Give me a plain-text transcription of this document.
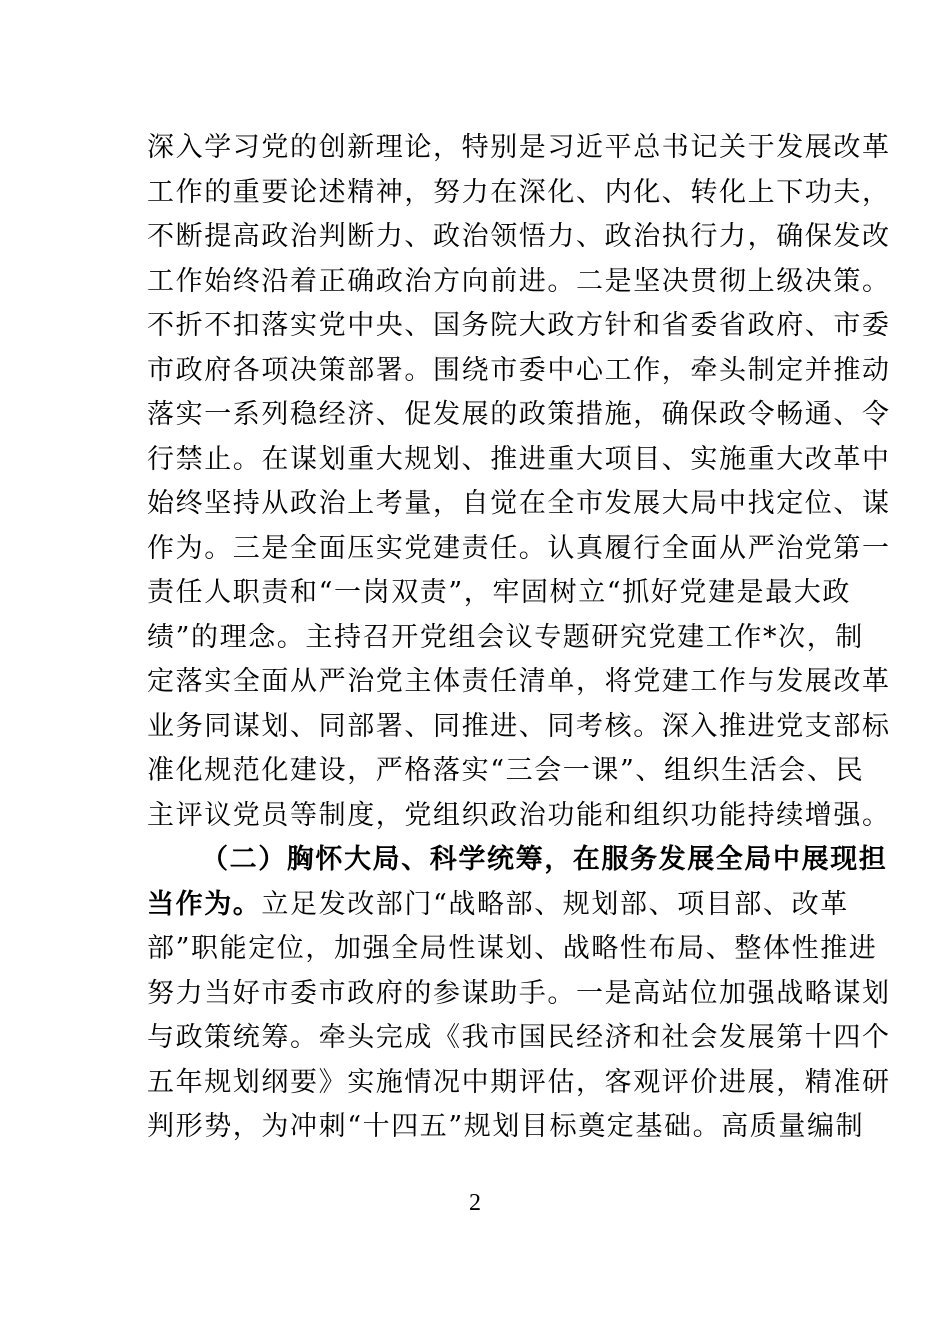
深入学习党的创新理论，特别是习近平总书记关于发展改革
工作的重要论述精神，努力在深化、内化、转化上下功夫，
不断提高政治判断力、政治领悟力、政治执行力，确保发改
工作始终沿着正确政治方向前进。二是坚决贯彻上级决策。
不折不扣落实党中央、国务院大政方针和省委省政府、市委
市政府各项决策部署。围绕市委中心工作，牵头制定并推动
落实一系列稳经济、促发展的政策措施，确保政令畅通、令
行禁止。在谋划重大规划、推进重大项目、实施重大改革中
始终坚持从政治上考量，自觉在全市发展大局中找定位、谋
作为。三是全面压实党建责任。认真履行全面从严治党第一
责任人职责和“一岗双责”，牢固树立“抓好党建是最大政
绩”的理念。主持召开党组会议专题研究党建工作*次，制
定落实全面从严治党主体责任清单，将党建工作与发展改革
业务同谋划、同部署、同推进、同考核。深入推进党支部标
准化规范化建设，严格落实“三会一课”、组织生活会、民
主评议党员等制度，党组织政治功能和组织功能持续增强。
（二）胸怀大局、科学统筹，在服务发展全局中展现担
当作为。立足发改部门“战略部、规划部、项目部、改革
部”职能定位，加强全局性谋划、战略性布局、整体性推进
努力当好市委市政府的参谋助手。一是高站位加强战略谋划
与政策统筹。牵头完成《我市国民经济和社会发展第十四个
五年规划纲要》实施情况中期评估，客观评价进展，精准研
判形势，为冲刺“十四五”规划目标奠定基础。高质量编制
2
